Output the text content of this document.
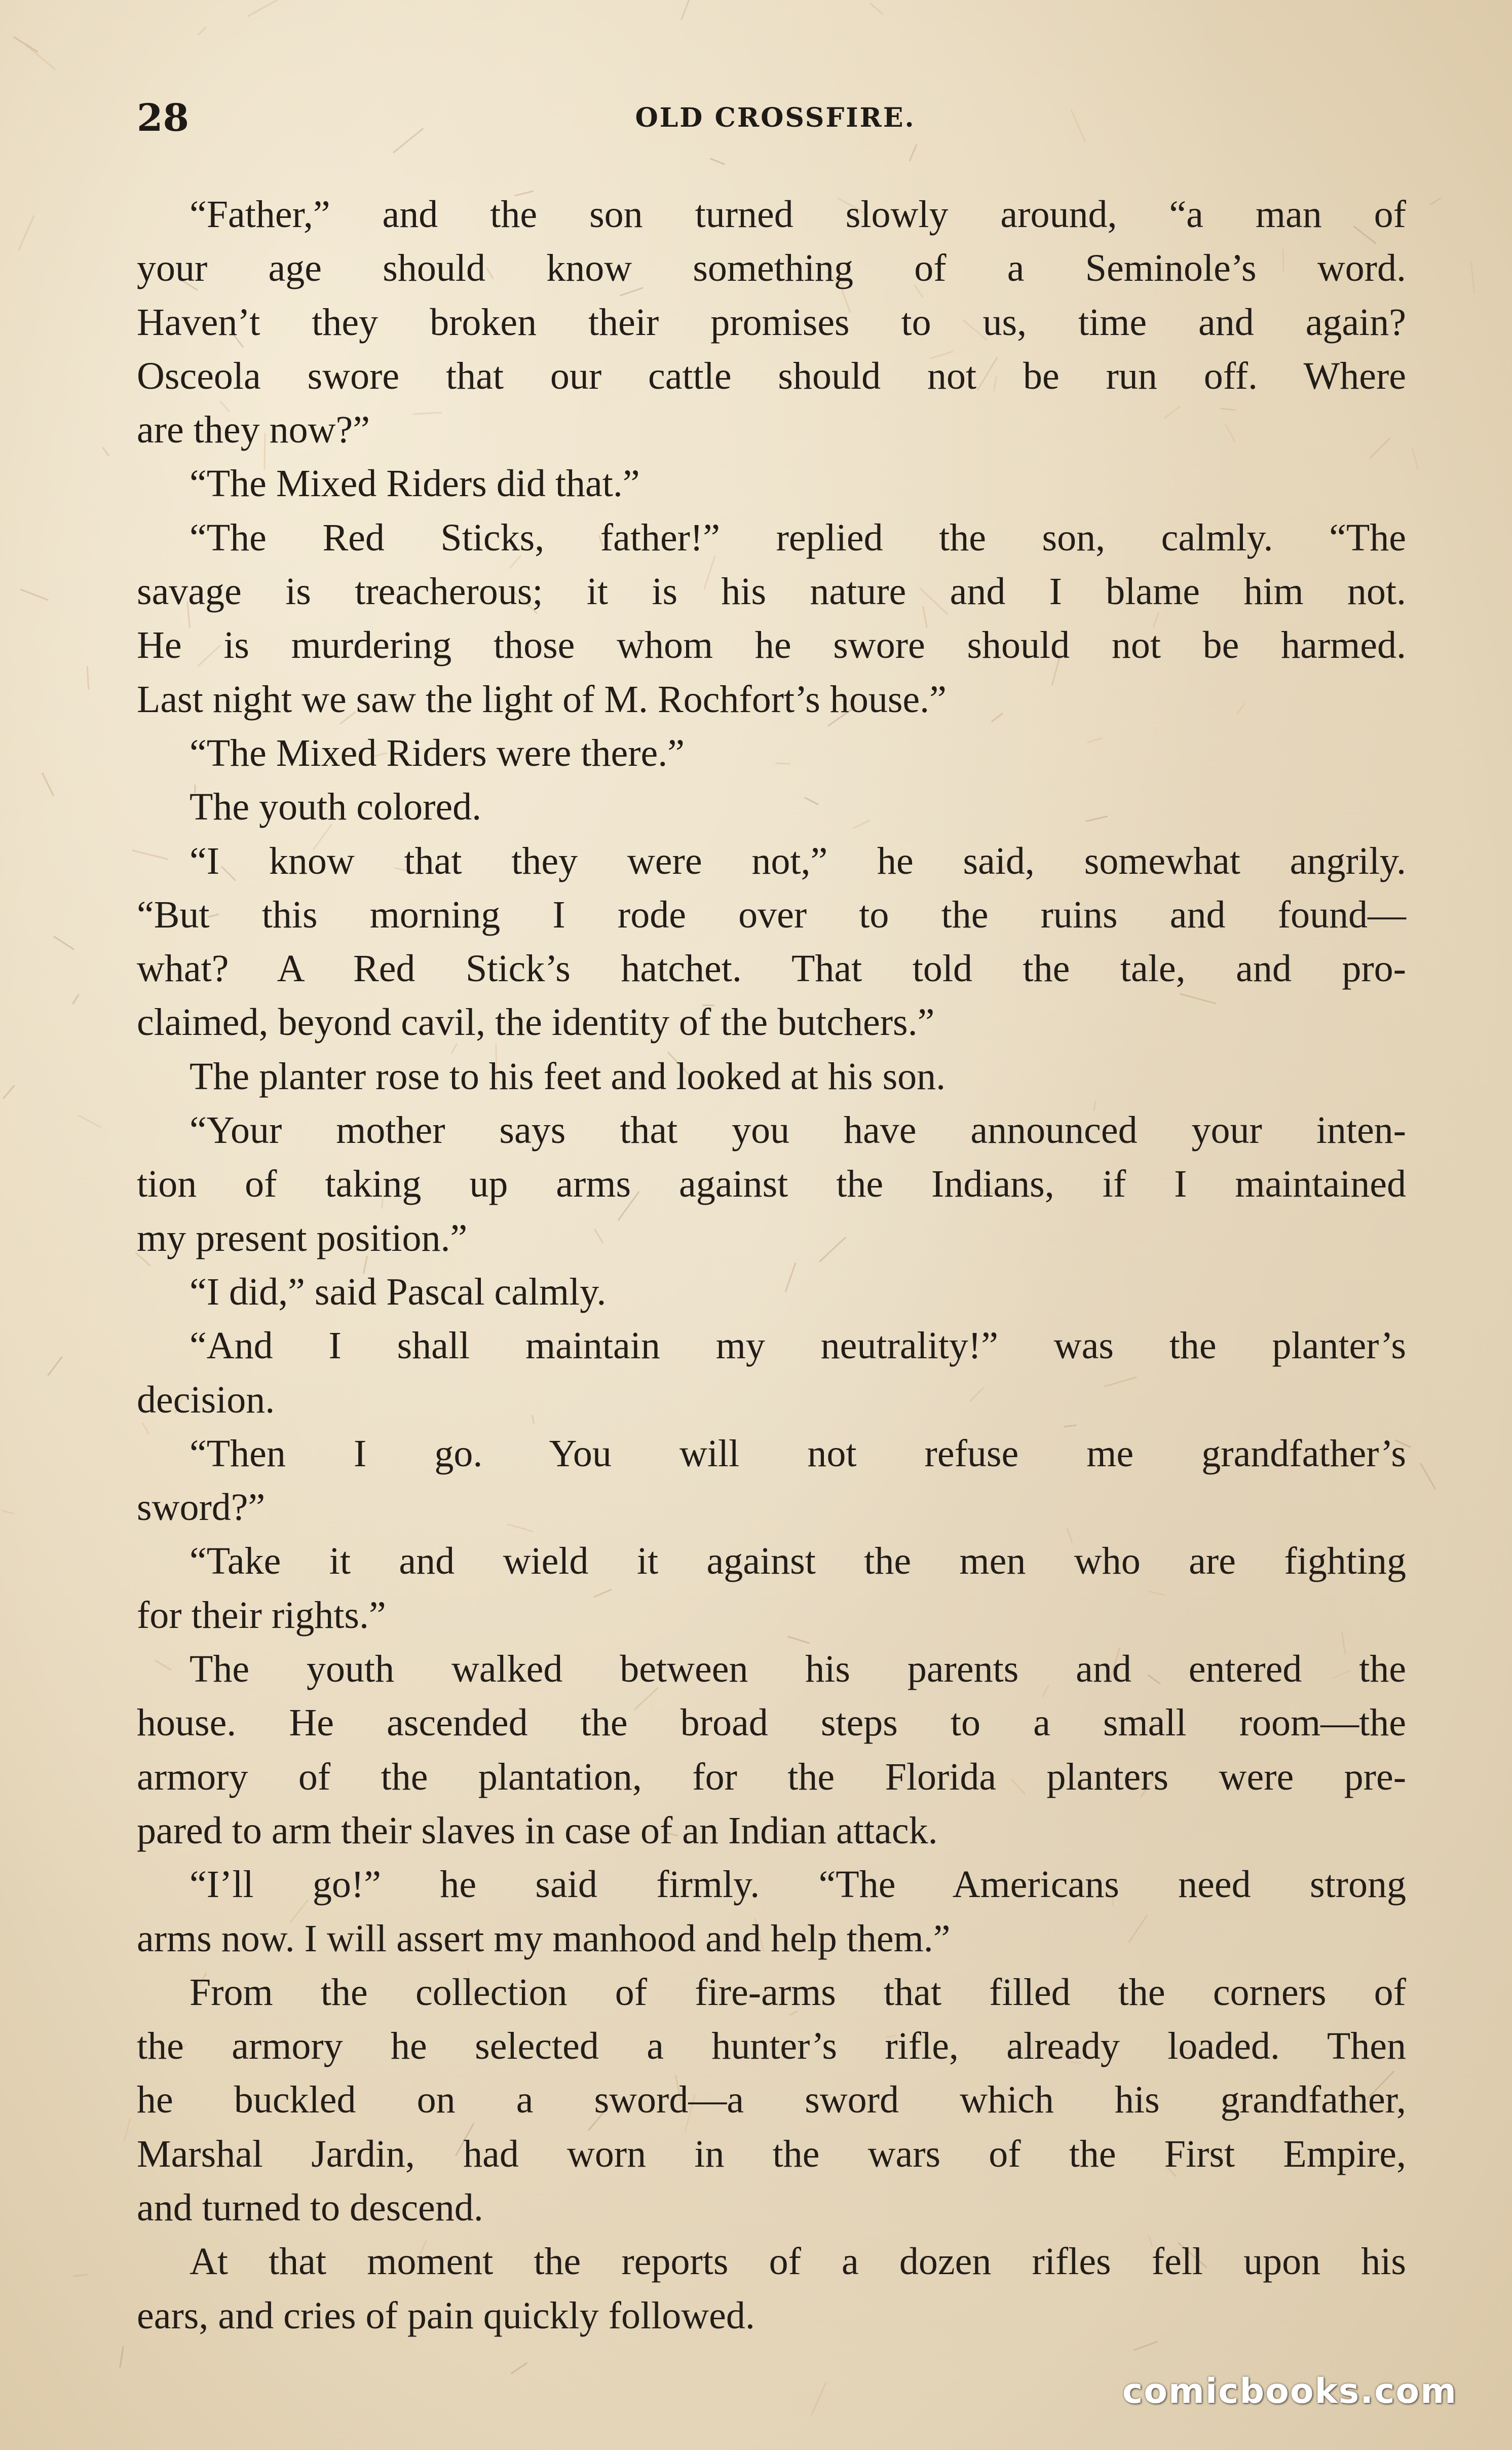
28	OLD CROSSFIRE.
“Father,” and the son turned slowly around, “a man of
your age should know something of a Seminole’s word.
Haven’t they broken their promises to us, time and again?
Osceola swore that our cattle should not be run off. Where
are they now?”
“The Mixed Riders did that.”
“The Red Sticks, father!” replied the son, calmly. “The
savage is treacherous; it is his nature and I blame him not.
He is murdering those whom he swore should not be harmed.
Last night we saw the light of M. Rochfort’s house.”
“The Mixed Riders were there.”
The youth colored.
“I know that they were not,” he said, somewhat angrily.
“But this morning I rode over to the ruins and found—
what? A Red Stick’s hatchet. That told the tale, and pro-
claimed, beyond cavil, the identity of the butchers.”
The planter rose to his feet and looked at his son.
“Your mother says that you have announced your inten-
tion of taking up arms against the Indians, if I maintained
my present position.”
“I did,” said Pascal calmly.
“And I shall maintain my neutrality!” was the planter’s
decision.
“Then I go. You will not refuse me grandfather’s
sword?”
“Take it and wield it against the men who are fighting
for their rights.”
The youth walked between his parents and entered the
house. He ascended the broad steps to a small room—the
armory of the plantation, for the Florida planters were pre-
pared to arm their slaves in case of an Indian attack.
“I’ll go!” he said firmly. “The Americans need strong
arms now. I will assert my manhood and help them.”
From the collection of fire-arms that filled the corners of
the armory he selected a hunter’s rifle, already loaded. Then
he buckled on a sword—a sword which his grandfather,
Marshal Jardin, had worn in the wars of the First Empire,
and turned to descend.
At that moment the reports of a dozen rifles fell upon his
ears, and cries of pain quickly followed.
comicbooks.com
